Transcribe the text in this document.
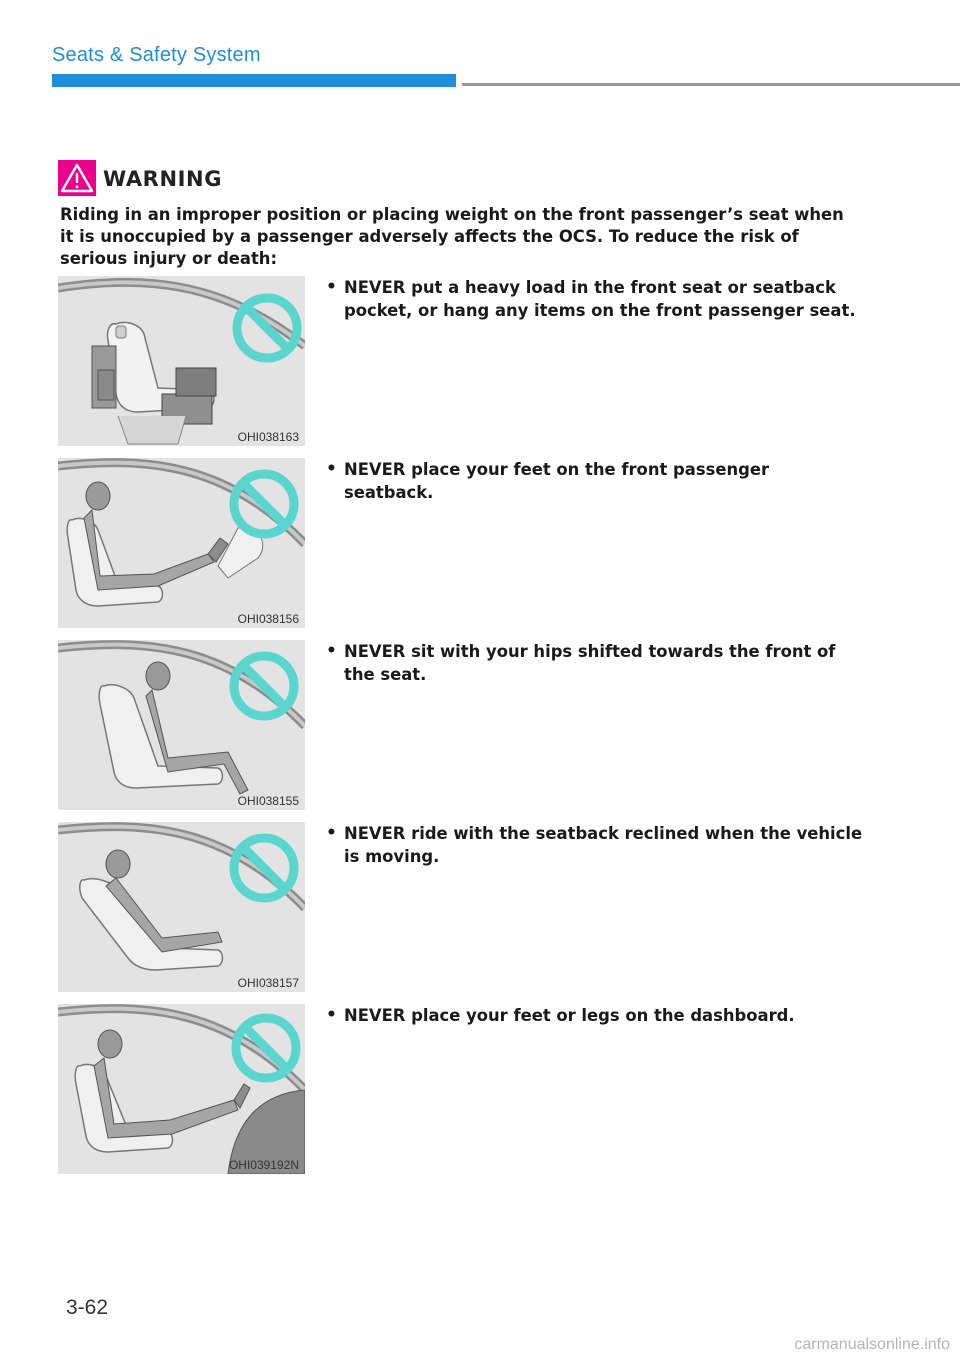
Seats & Safety System
WARNING
Riding in an improper position or placing weight on the front passenger’s seat when it is unoccupied by a passenger adversely affects the OCS. To reduce the risk of serious injury or death:
OHI038163
• NEVER put a heavy load in the front seat or seatback pocket, or hang any items on the front passenger seat.
OHI038156
• NEVER place your feet on the front passenger seatback.
OHI038155
• NEVER sit with your hips shifted towards the front of the seat.
OHI038157
• NEVER ride with the seatback reclined when the vehicle is moving.
OHI039192N
• NEVER place your feet or legs on the dashboard.
3-62
carmanualsonline.info
